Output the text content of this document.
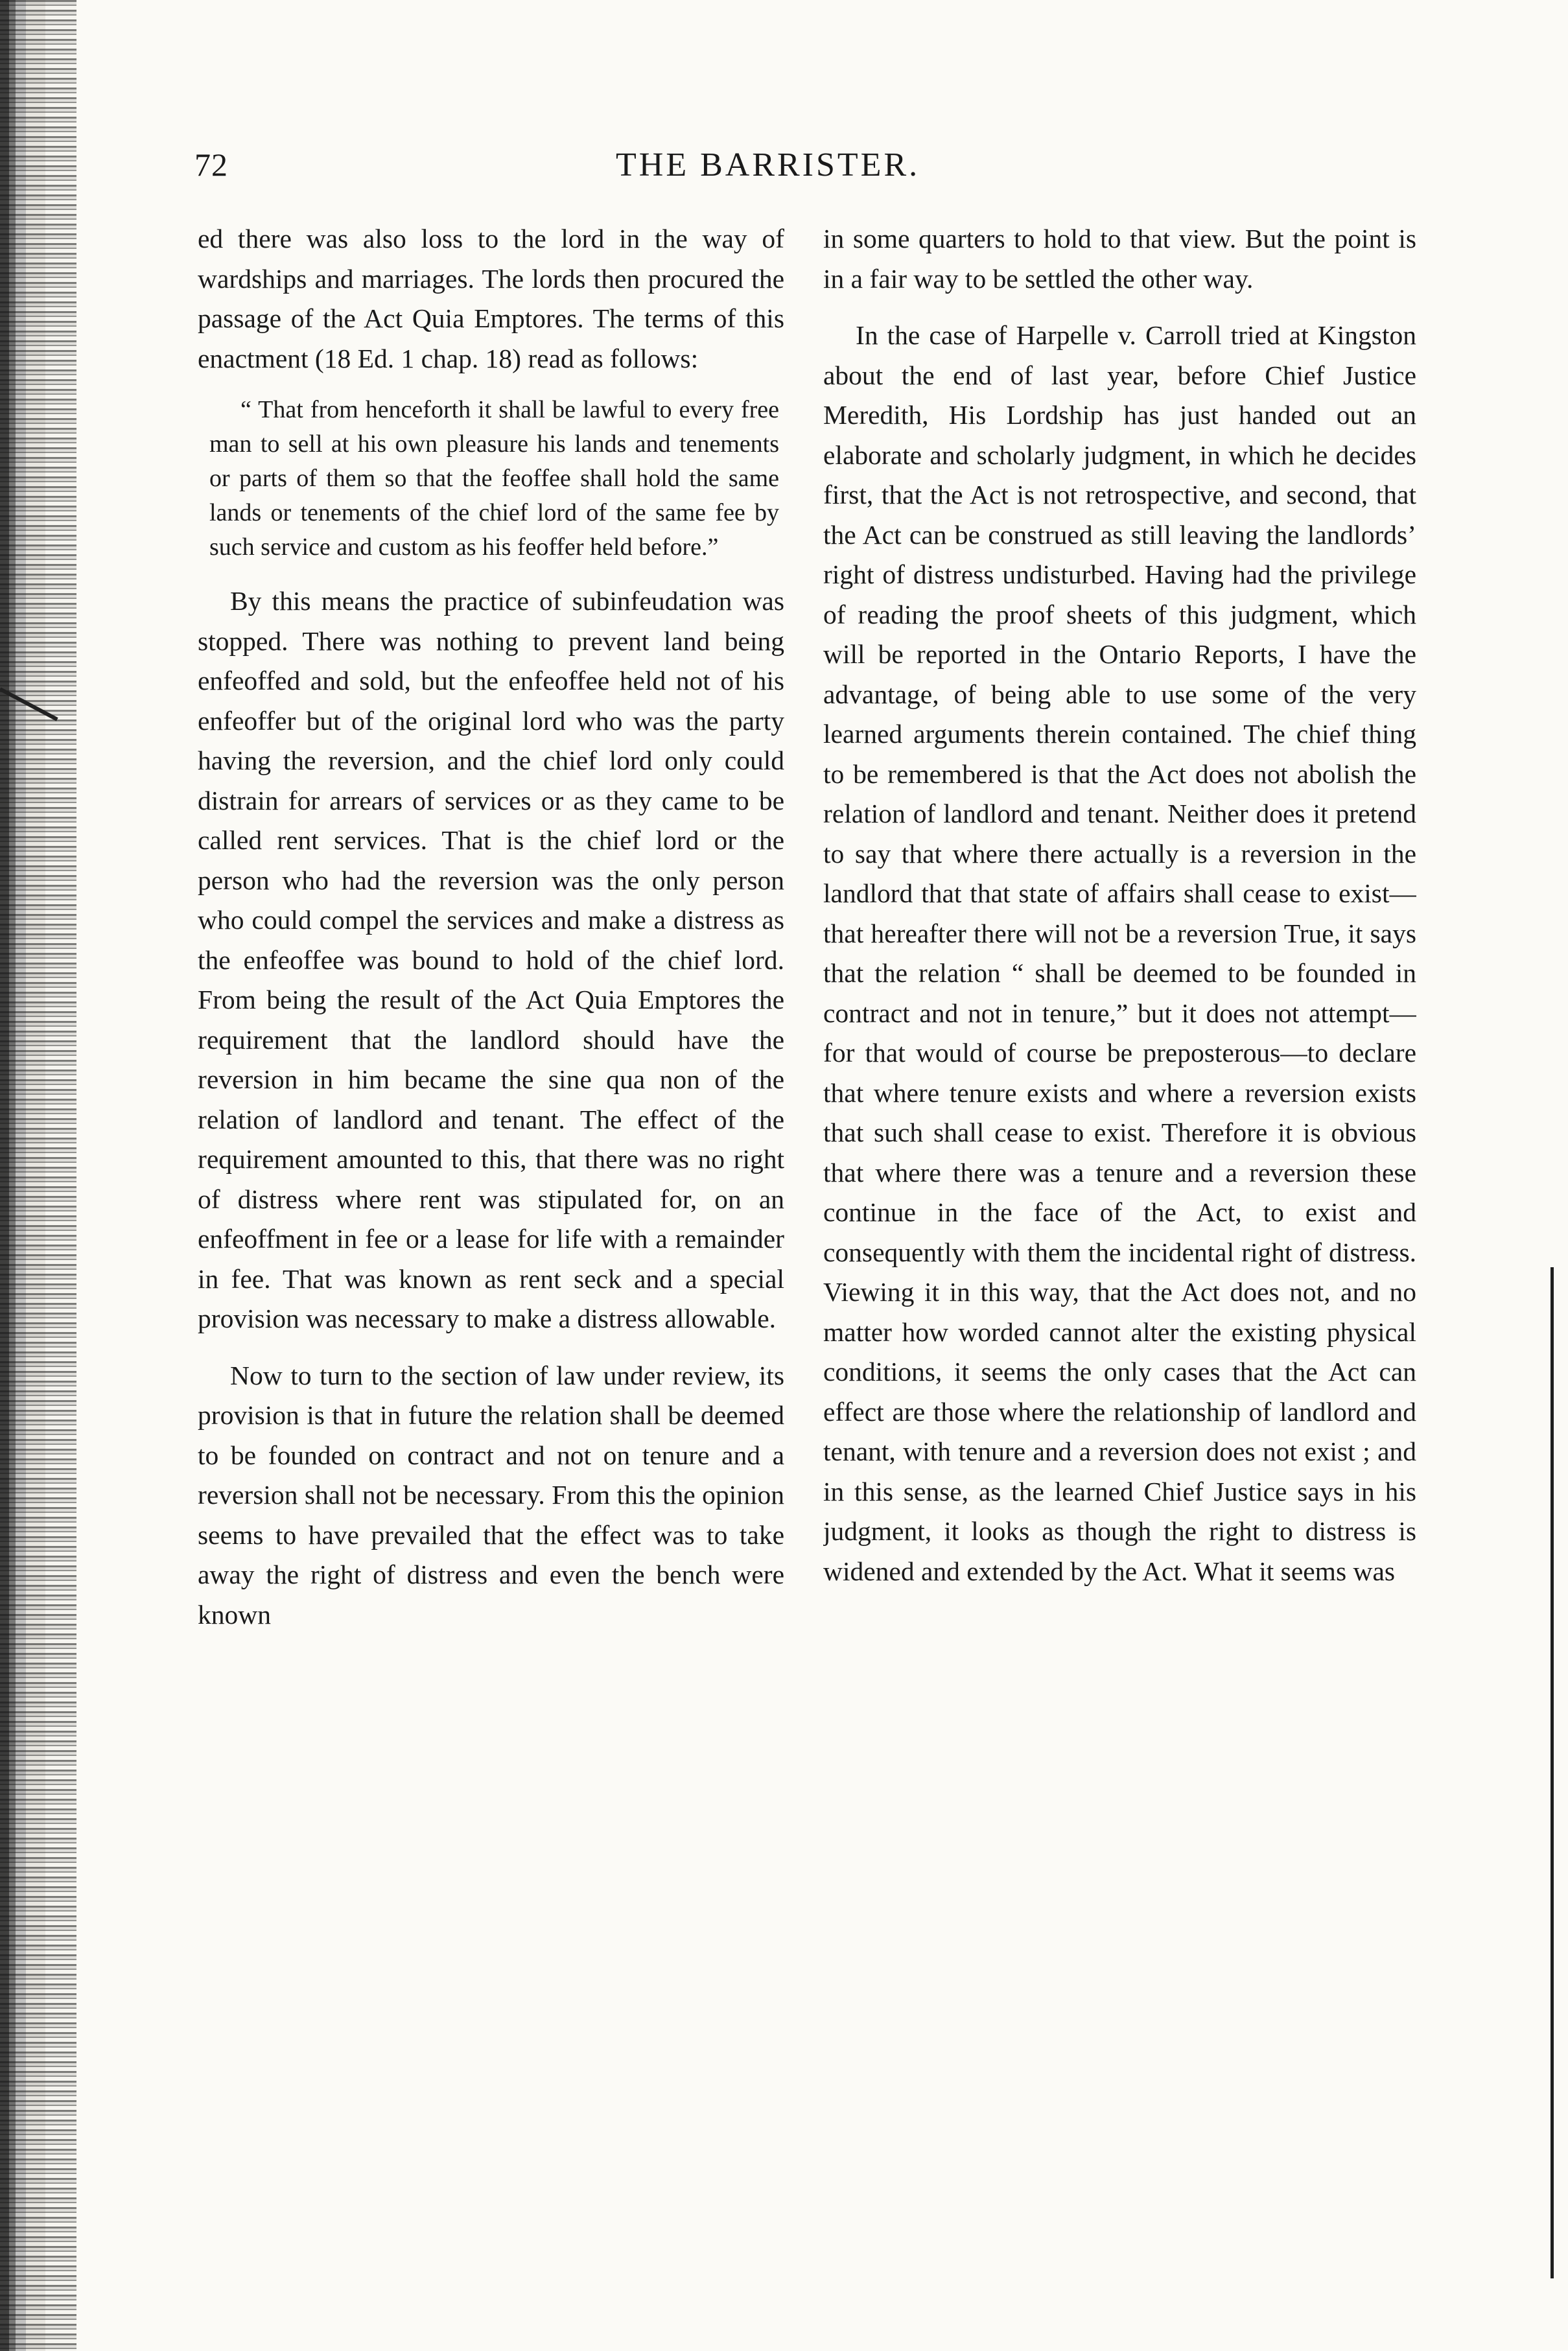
72	THE BARRISTER.

ed there was also loss to the lord in the way of wardships and marriages. The lords then procured the passage of the Act Quia Emptores. The terms of this enactment (18 Ed. 1 chap. 18) read as follows:

“ That from henceforth it shall be lawful to every free man to sell at his own pleasure his lands and tenements or parts of them so that the feoffee shall hold the same lands or tenements of the chief lord of the same fee by such service and custom as his feoffer held before.”

By this means the practice of subinfeudation was stopped. There was nothing to prevent land being enfeoffed and sold, but the enfeoffee held not of his enfeoffer but of the original lord who was the party having the reversion, and the chief lord only could distrain for arrears of services or as they came to be called rent services. That is the chief lord or the person who had the reversion was the only person who could compel the services and make a distress as the enfeoffee was bound to hold of the chief lord. From being the result of the Act Quia Emptores the requirement that the landlord should have the reversion in him became the sine qua non of the relation of landlord and tenant. The effect of the requirement amounted to this, that there was no right of distress where rent was stipulated for, on an enfeoffment in fee or a lease for life with a remainder in fee. That was known as rent seck and a special provision was necessary to make a distress allowable.

Now to turn to the section of law under review, its provision is that in future the relation shall be deemed to be founded on contract and not on tenure and a reversion shall not be necessary. From this the opinion seems to have prevailed that the effect was to take away the right of distress and even the bench were known

in some quarters to hold to that view. But the point is in a fair way to be settled the other way.

In the case of Harpelle v. Carroll tried at Kingston about the end of last year, before Chief Justice Meredith, His Lordship has just handed out an elaborate and scholarly judgment, in which he decides first, that the Act is not retrospective, and second, that the Act can be construed as still leaving the landlords’ right of distress undisturbed. Having had the privilege of reading the proof sheets of this judgment, which will be reported in the Ontario Reports, I have the advantage, of being able to use some of the very learned arguments therein contained. The chief thing to be remembered is that the Act does not abolish the relation of landlord and tenant. Neither does it pretend to say that where there actually is a reversion in the landlord that that state of affairs shall cease to exist—that hereafter there will not be a reversion True, it says that the relation “ shall be deemed to be founded in contract and not in tenure,” but it does not attempt—for that would of course be preposterous—to declare that where tenure exists and where a reversion exists that such shall cease to exist. Therefore it is obvious that where there was a tenure and a reversion these continue in the face of the Act, to exist and consequently with them the incidental right of distress. Viewing it in this way, that the Act does not, and no matter how worded cannot alter the existing physical conditions, it seems the only cases that the Act can effect are those where the relationship of landlord and tenant, with tenure and a reversion does not exist ; and in this sense, as the learned Chief Justice says in his judgment, it looks as though the right to distress is widened and extended by the Act. What it seems was
